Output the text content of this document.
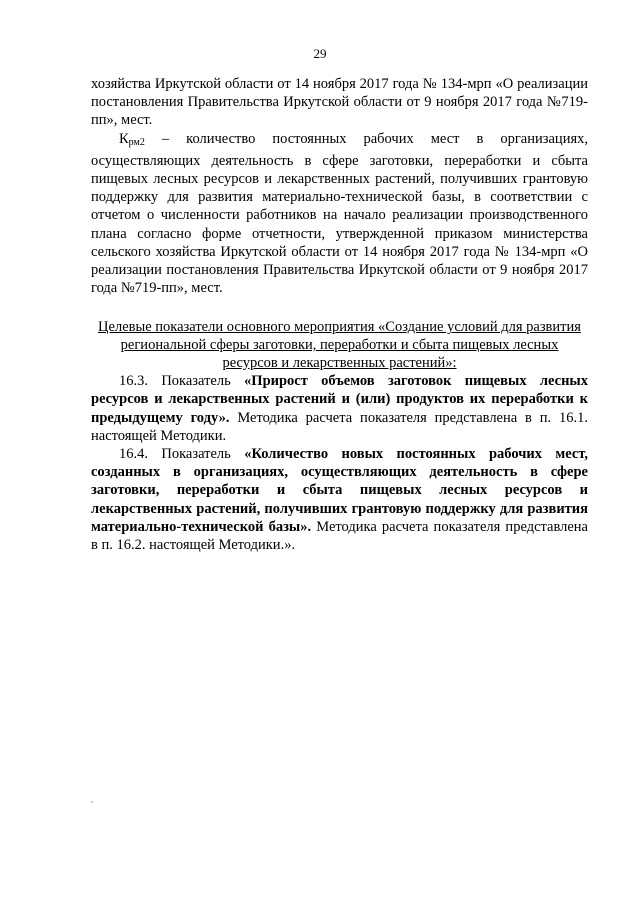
29

хозяйства Иркутской области от 14 ноября 2017 года № 134-мрп «О реализации постановления Правительства Иркутской области от 9 ноября 2017 года №719-пп», мест.

$К_{рм2}$ – количество постоянных рабочих мест в организациях, осуществляющих деятельность в сфере заготовки, переработки и сбыта пищевых лесных ресурсов и лекарственных растений, получивших грантовую поддержку для развития материально-технической базы, в соответствии с отчетом о численности работников на начало реализации производственного плана согласно форме отчетности, утвержденной приказом министерства сельского хозяйства Иркутской области от 14 ноября 2017 года № 134-мрп «О реализации постановления Правительства Иркутской области от 9 ноября 2017 года №719-пп», мест.

Целевые показатели основного мероприятия «Создание условий для развития
региональной сферы заготовки, переработки и сбыта пищевых лесных
ресурсов и лекарственных растений»:

16.3. Показатель «Прирост объемов заготовок пищевых лесных ресурсов и лекарственных растений и (или) продуктов их переработки к предыдущему году». Методика расчета показателя представлена в п. 16.1. настоящей Методики.

16.4. Показатель «Количество новых постоянных рабочих мест, созданных в организациях, осуществляющих деятельность в сфере заготовки, переработки и сбыта пищевых лесных ресурсов и лекарственных растений, получивших грантовую поддержку для развития материально-технической базы». Методика расчета показателя представлена в п. 16.2. настоящей Методики.».
